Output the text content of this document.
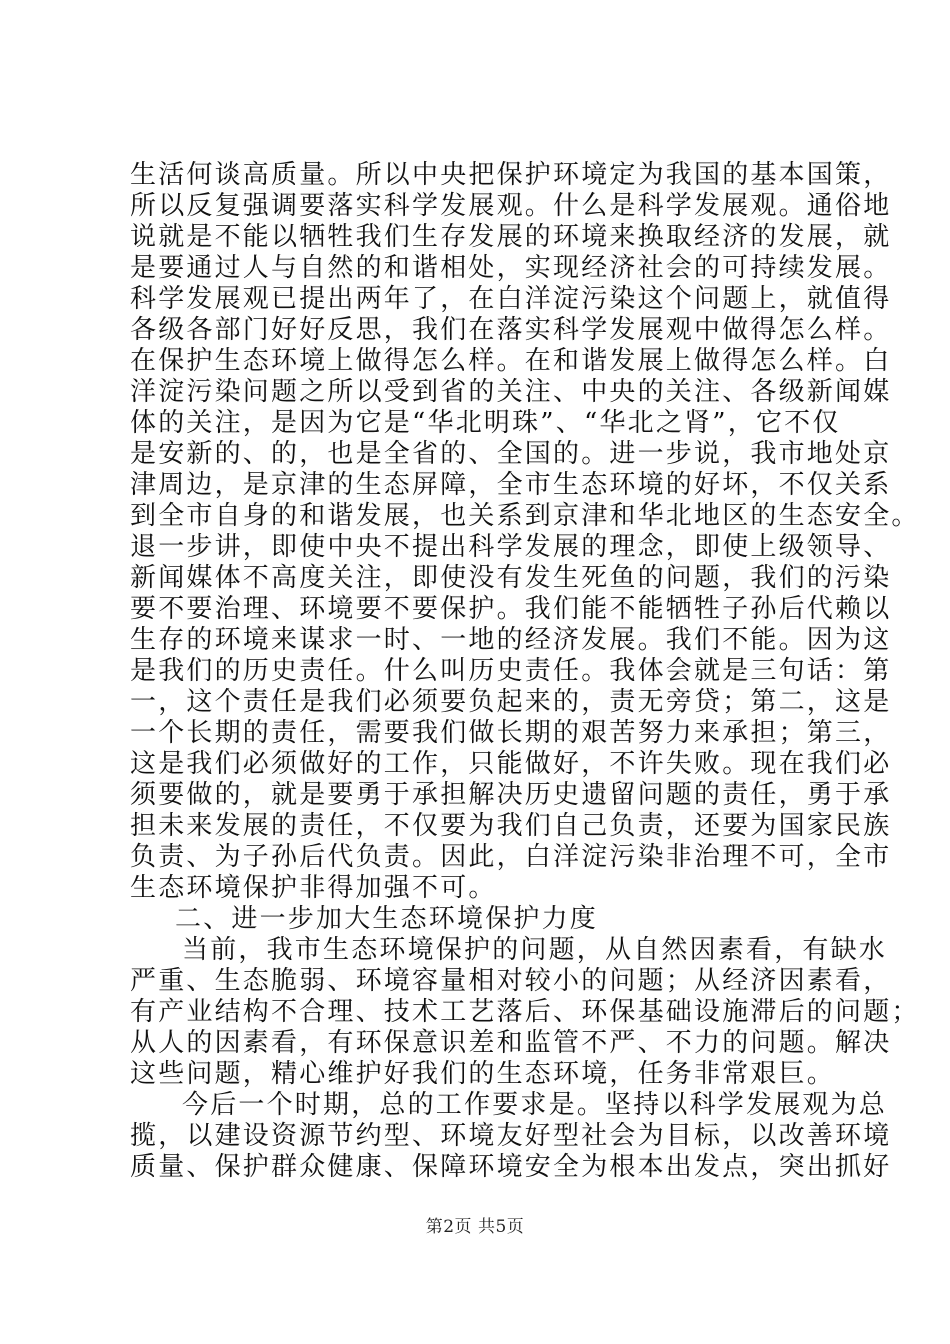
生活何谈高质量。所以中央把保护环境定为我国的基本国策，
所以反复强调要落实科学发展观。什么是科学发展观。通俗地
说就是不能以牺牲我们生存发展的环境来换取经济的发展，就
是要通过人与自然的和谐相处，实现经济社会的可持续发展。
科学发展观已提出两年了，在白洋淀污染这个问题上，就值得
各级各部门好好反思，我们在落实科学发展观中做得怎么样。
在保护生态环境上做得怎么样。在和谐发展上做得怎么样。白
洋淀污染问题之所以受到省的关注、中央的关注、各级新闻媒
体的关注，是因为它是“华北明珠”、“华北之肾”，它不仅
是安新的、的，也是全省的、全国的。进一步说，我市地处京
津周边，是京津的生态屏障，全市生态环境的好坏，不仅关系
到全市自身的和谐发展，也关系到京津和华北地区的生态安全。
退一步讲，即使中央不提出科学发展的理念，即使上级领导、
新闻媒体不高度关注，即使没有发生死鱼的问题，我们的污染
要不要治理、环境要不要保护。我们能不能牺牲子孙后代赖以
生存的环境来谋求一时、一地的经济发展。我们不能。因为这
是我们的历史责任。什么叫历史责任。我体会就是三句话：第
一，这个责任是我们必须要负起来的，责无旁贷；第二，这是
一个长期的责任，需要我们做长期的艰苦努力来承担；第三，
这是我们必须做好的工作，只能做好，不许失败。现在我们必
须要做的，就是要勇于承担解决历史遗留问题的责任，勇于承
担未来发展的责任，不仅要为我们自己负责，还要为国家民族
负责、为子孙后代负责。因此，白洋淀污染非治理不可，全市
生态环境保护非得加强不可。
二、进一步加大生态环境保护力度
当前，我市生态环境保护的问题，从自然因素看，有缺水
严重、生态脆弱、环境容量相对较小的问题；从经济因素看，
有产业结构不合理、技术工艺落后、环保基础设施滞后的问题；
从人的因素看，有环保意识差和监管不严、不力的问题。解决
这些问题，精心维护好我们的生态环境，任务非常艰巨。
今后一个时期，总的工作要求是。坚持以科学发展观为总
揽，以建设资源节约型、环境友好型社会为目标，以改善环境
质量、保护群众健康、保障环境安全为根本出发点，突出抓好
第2页 共5页
